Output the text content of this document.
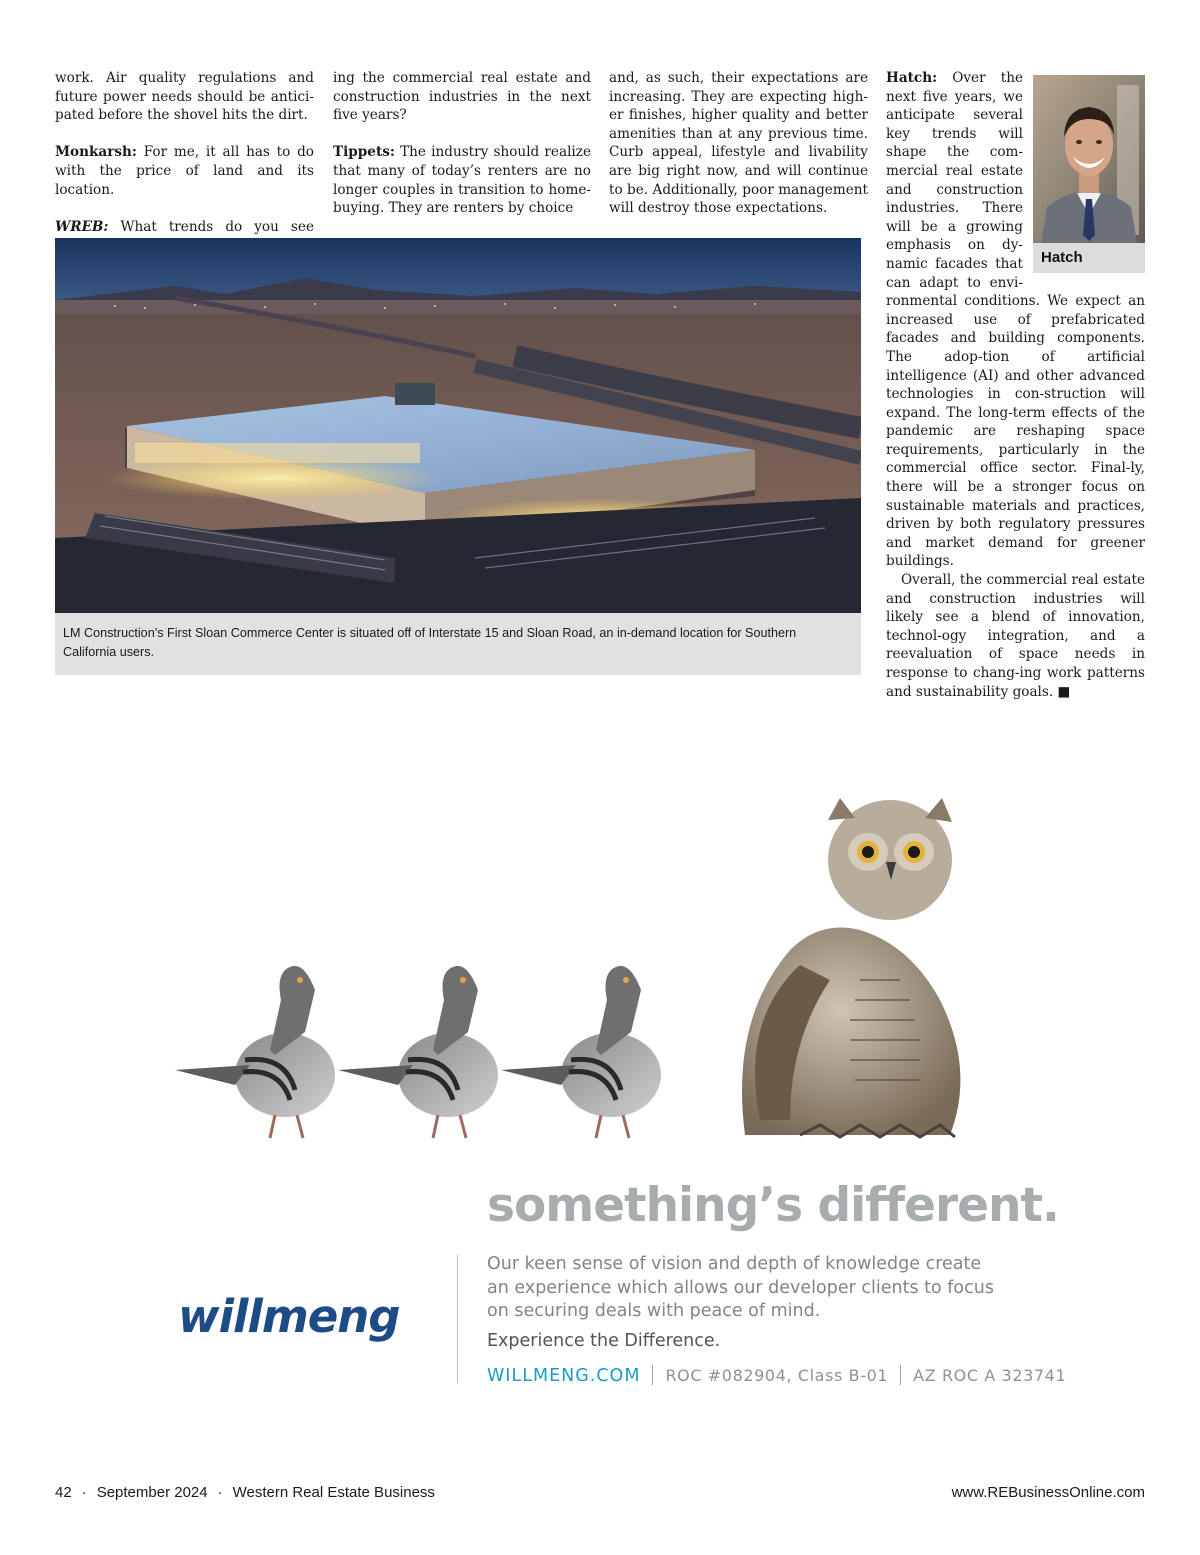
work. Air quality regulations and future power needs should be antici-pated before the shovel hits the dirt.

Monkarsh: For me, it all has to do with the price of land and its location.

WREB: What trends do you see

ing the commercial real estate and construction industries in the next five years?

Tippets: The industry should realize that many of today’s renters are no longer couples in transition to home-buying. They are renters by choice

and, as such, their expectations are increasing. They are expecting high-er finishes, higher quality and better amenities than at any previous time. Curb appeal, lifestyle and livability are big right now, and will continue to be. Additionally, poor management will destroy those expectations.

Hatch

Hatch: Over the next five years, we anticipate several key trends will shape the com-mercial real estate and construction industries. There will be a growing emphasis on dy-namic facades that can adapt to envi-ronmental conditions. We expect an increased use of prefabricated facades and building components. The adop-tion of artificial intelligence (AI) and other advanced technologies in con-struction will expand. The long-term effects of the pandemic are reshaping space requirements, particularly in the commercial office sector. Final-ly, there will be a stronger focus on sustainable materials and practices, driven by both regulatory pressures and market demand for greener buildings.

Overall, the commercial real estate and construction industries will likely see a blend of innovation, technol-ogy integration, and a reevaluation of space needs in response to chang-ing work patterns and sustainability goals. ■

LM Construction’s First Sloan Commerce Center is situated off of Interstate 15 and Sloan Road, an in-demand location for Southern California users.
something’s different.
willmeng
Our keen sense of vision and depth of knowledge create an experience which allows our developer clients to focus on securing deals with peace of mind.
Experience the Difference.
WILLMENG.COM ROC #082904, Class B-01 AZ ROC A 323741
42 · September 2024 · Western Real Estate Business	www.REBusinessOnline.com
